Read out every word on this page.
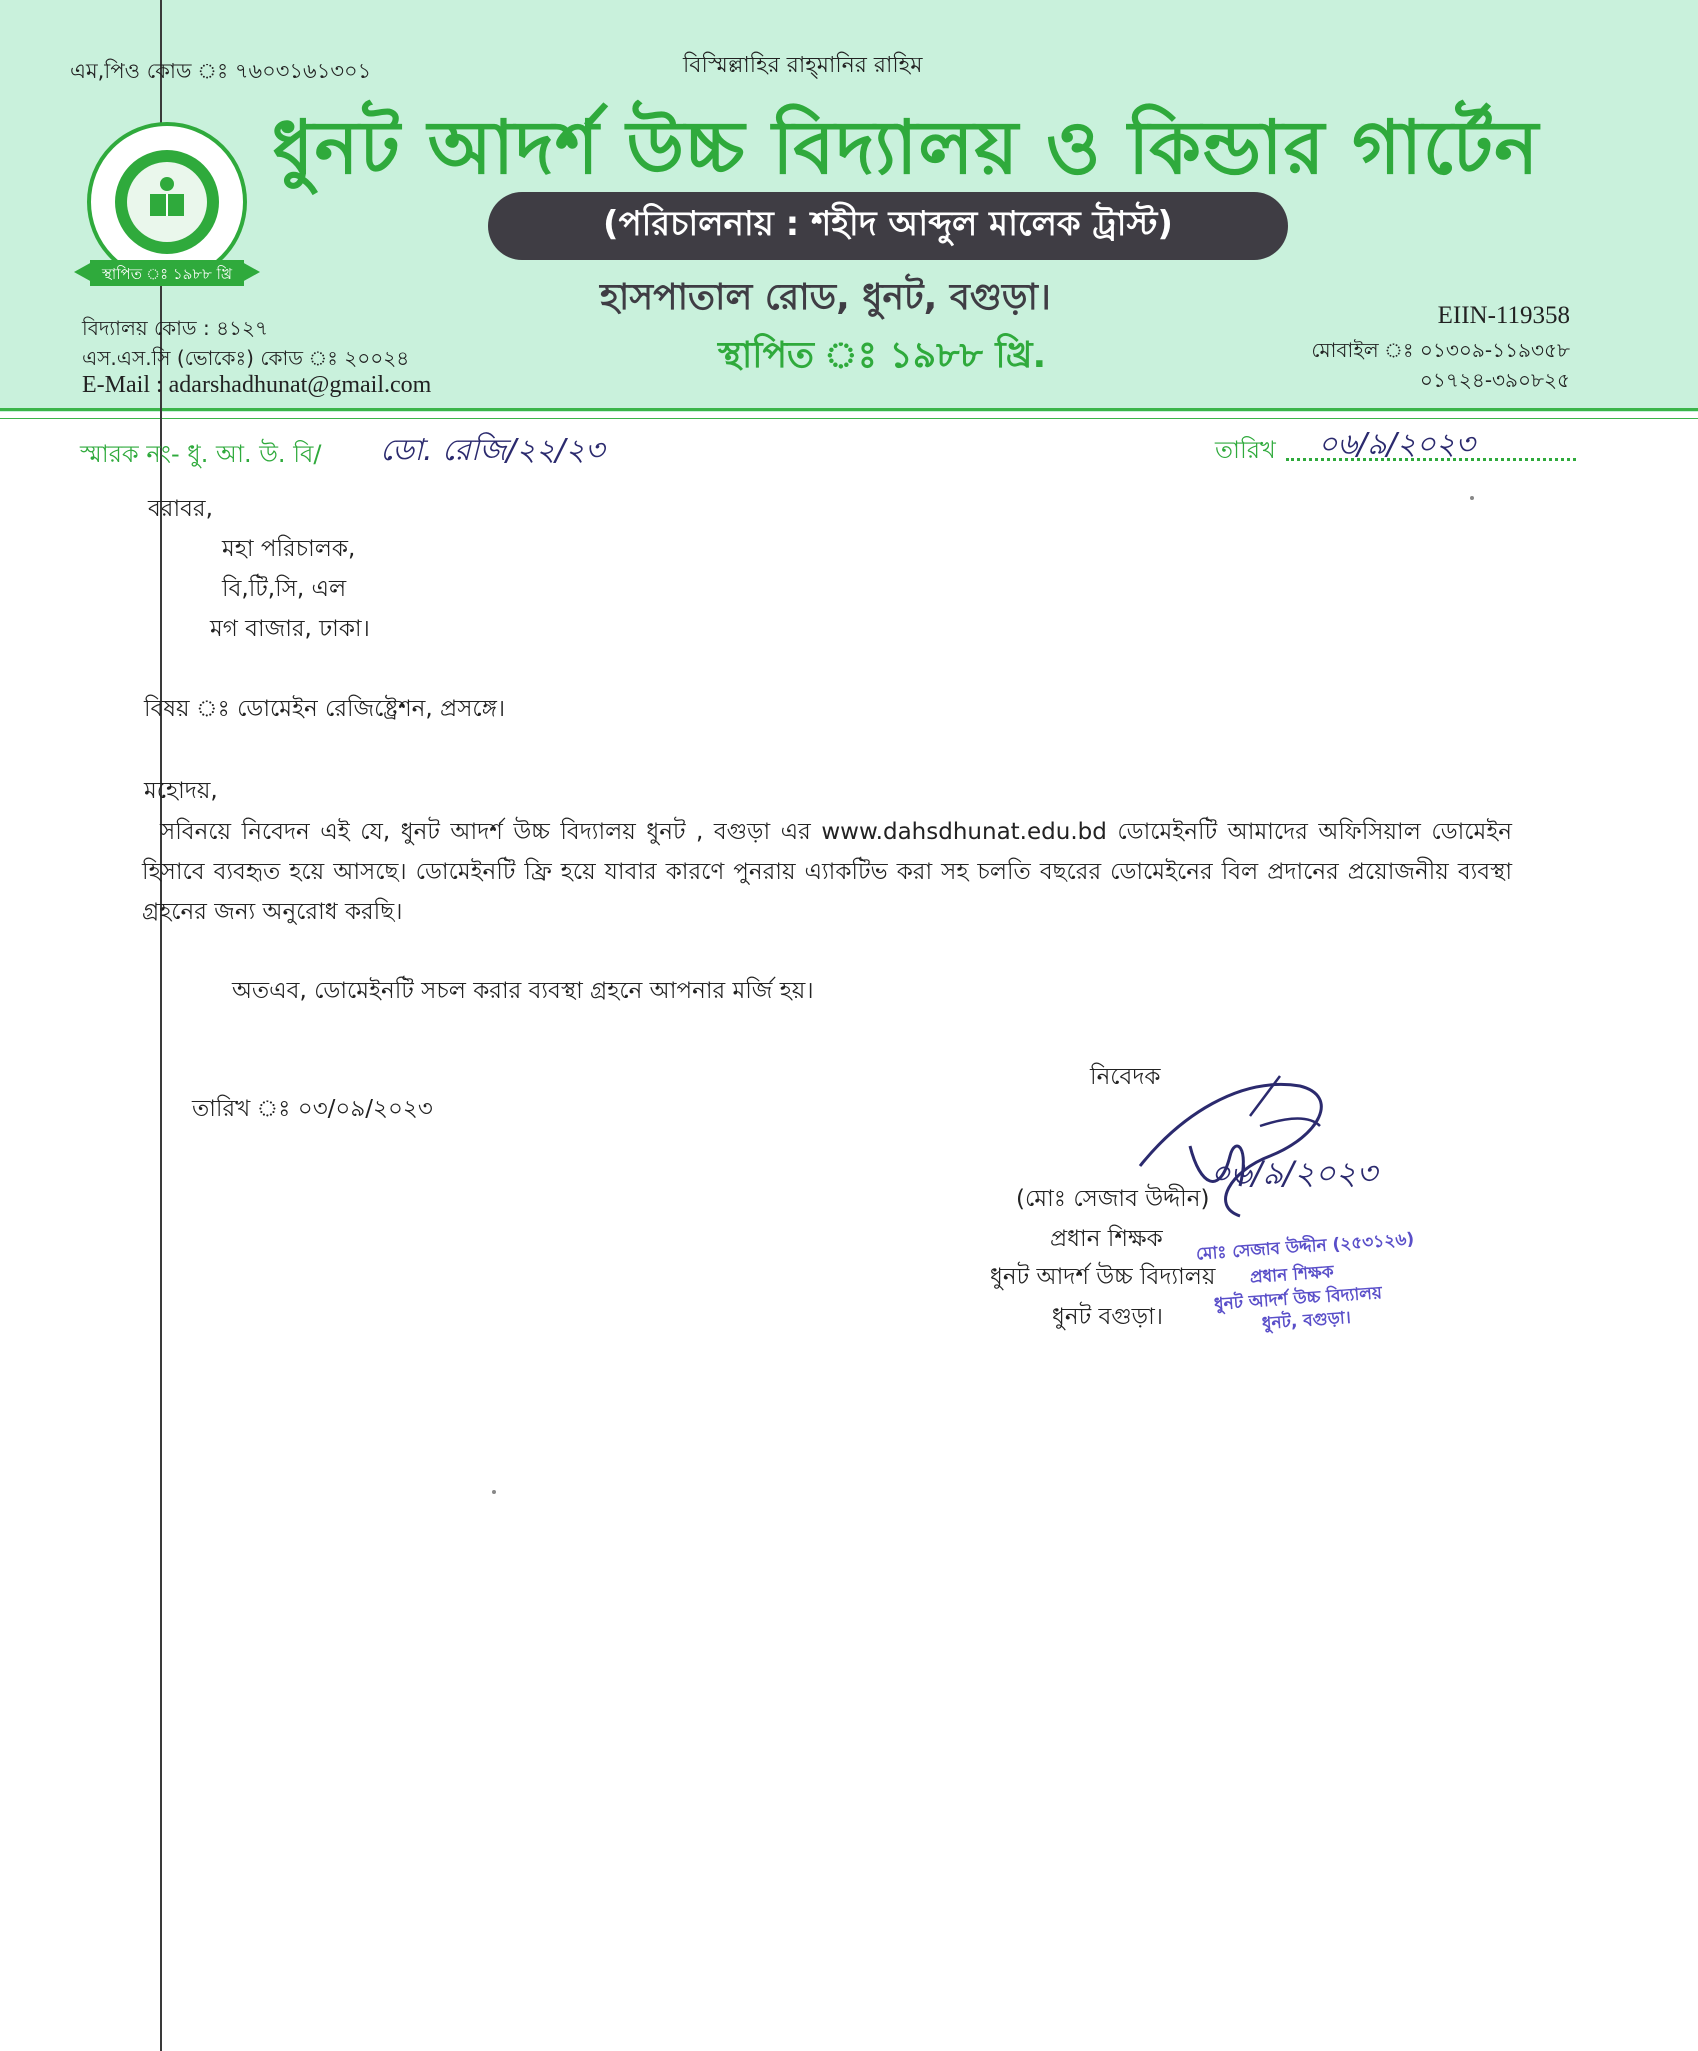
বিস্মিল্লাহির রাহ্‌মানির রাহিম
এম,পিও কোড ঃ ৭৬০৩১৬১৩০১
স্থাপিত ঃ ১৯৮৮ খ্রি
ধুনট আদর্শ উচ্চ বিদ্যালয় ও কিন্ডার গার্টেন
(পরিচালনায় : শহীদ আব্দুল মালেক ট্রাস্ট)
হাসপাতাল রোড, ধুনট, বগুড়া।
স্থাপিত ঃ ১৯৮৮ খ্রি.
বিদ্যালয় কোড : ৪১২৭
এস.এস.সি (ভোকেঃ) কোড ঃ ২০০২৪
E-Mail : adarshadhunat@gmail.com
EIIN-119358
মোবাইল ঃ ০১৩০৯-১১৯৩৫৮
০১৭২৪-৩৯০৮২৫
স্মারক নং- ধু. আ. উ. বি/ ডো. রেজি/২২/২৩	তারিখ ০৬/৯/২০২৩
বরাবর,
মহা পরিচালক,
বি,টি,সি, এল
মগ বাজার, ঢাকা।
বিষয় ঃ ডোমেইন রেজিষ্ট্রেশন, প্রসঙ্গে।
মহোদয়,
সবিনয়ে নিবেদন এই যে, ধুনট আদর্শ উচ্চ বিদ্যালয় ধুনট , বগুড়া এর www.dahsdhunat.edu.bd ডোমেইনটি আমাদের অফিসিয়াল ডোমেইন হিসাবে ব্যবহৃত হয়ে আসছে। ডোমেইনটি ফ্রি হয়ে যাবার কারণে পুনরায় এ্যাকটিভ করা সহ চলতি বছরের ডোমেইনের বিল প্রদানের প্রয়োজনীয় ব্যবস্থা গ্রহনের জন্য অনুরোধ করছি।
অতএব, ডোমেইনটি সচল করার ব্যবস্থা গ্রহনে আপনার মর্জি হয়।
নিবেদক
তারিখ ঃ ০৩/০৯/২০২৩
০৬/৯/২০২৩
(মোঃ সেজাব উদ্দীন)
প্রধান শিক্ষক
ধুনট আদর্শ উচ্চ বিদ্যালয়
ধুনট বগুড়া।
মোঃ সেজাব উদ্দীন (২৫৩১২৬)
প্রধান শিক্ষক
ধুনট আদর্শ উচ্চ বিদ্যালয়
ধুনট, বগুড়া।
